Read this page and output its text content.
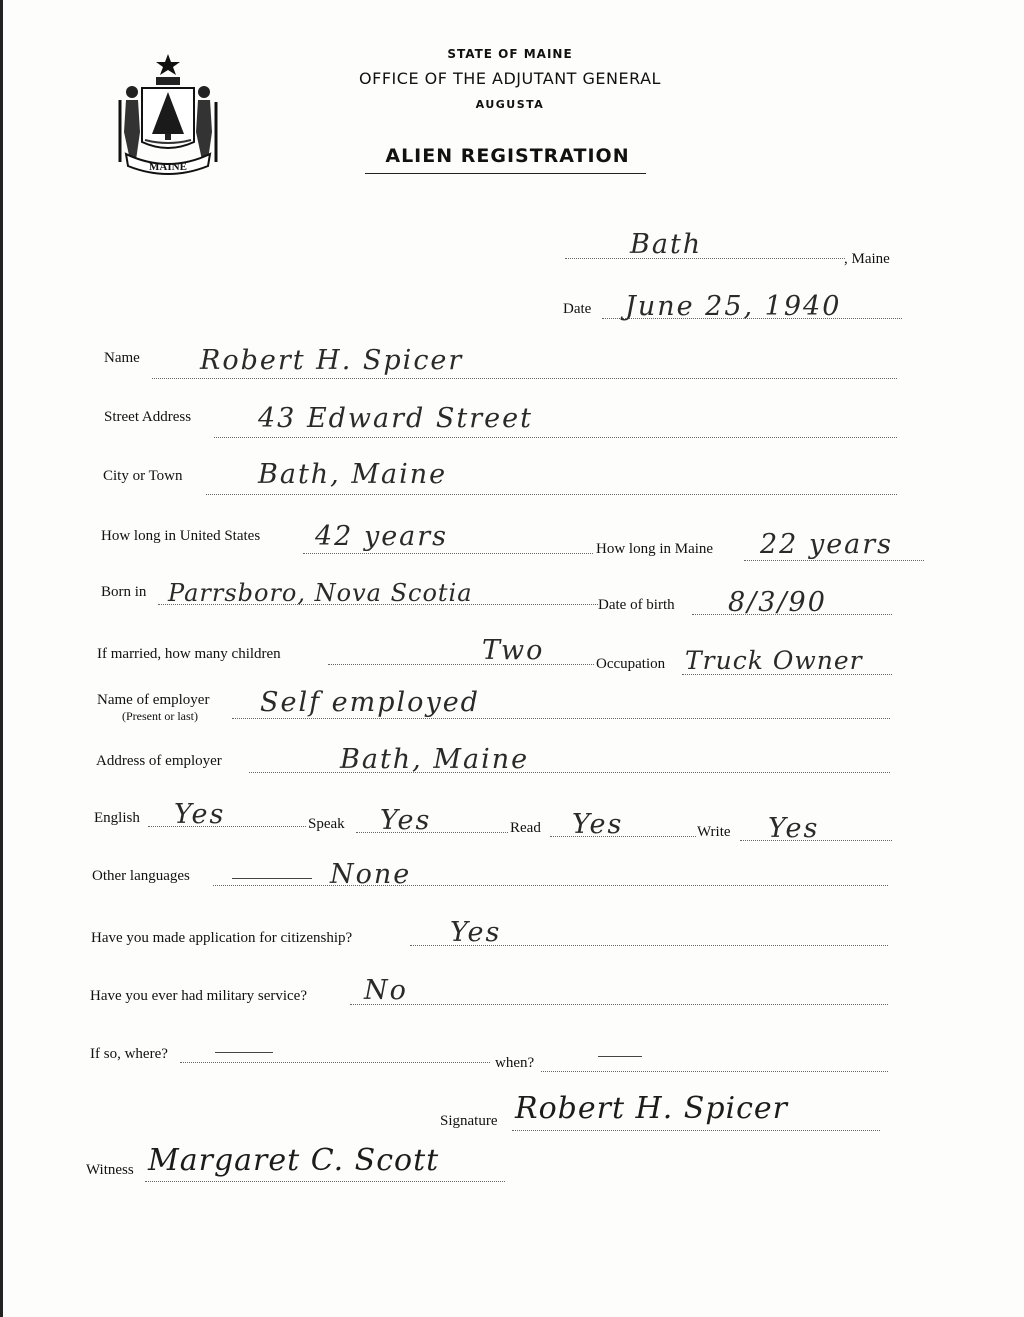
MAINE
STATE OF MAINE
OFFICE OF THE ADJUTANT GENERAL
AUGUSTA
ALIEN REGISTRATION
Bath	, Maine
Date June 25, 1940
Name Robert H. Spicer
Street Address 43 Edward Street
City or Town	Bath, Maine
How long in United States 42 years	How long in Maine 22 years
Born in Parrsboro, Nova Scotia	Date of birth 8/3/90
If married, how many children	Two	Occupation Truck Owner
Name of employer
(Present or last) Self employed
Address of employer	Bath, Maine
English Yes	Speak Yes	Read Yes	Write Yes
Other languages	None
Have you made application for citizenship?	Yes
Have you ever had military service? No
If so, where?
when?
Signature Robert H. Spicer
Witness Margaret C. Scott
